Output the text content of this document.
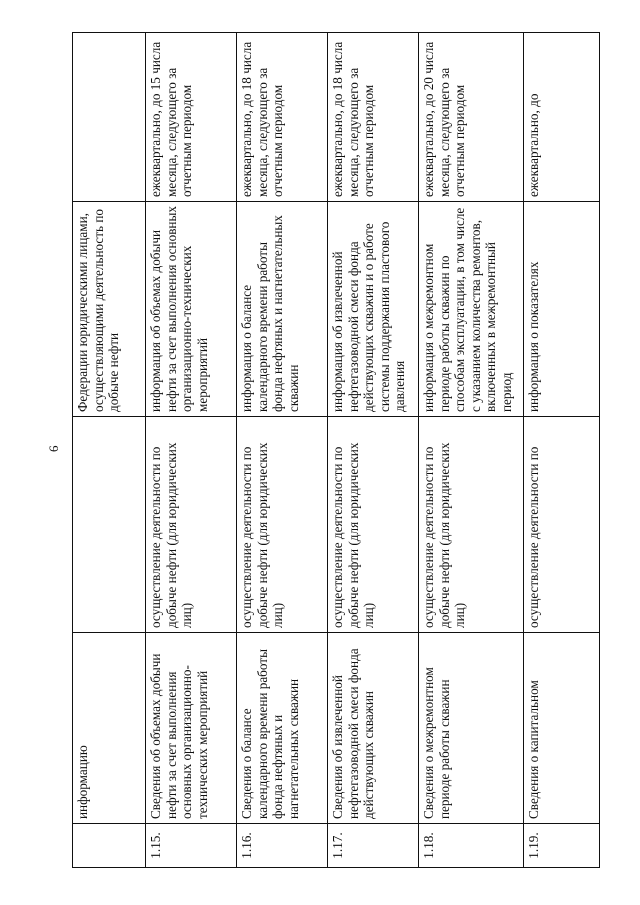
6
	информацию		Федерации юридическими лицами, осуществляющими деятельность по добыче нефти	
1.15.	Сведения об объемах добычи нефти за счет выполнения основных организационно-технических мероприятий	осуществление деятельности по добыче нефти (для юридических лиц)	информация об объемах добычи нефти за счет выполнения основных организационно-технических мероприятий	ежеквартально, до 15 числа месяца, следующего за отчетным периодом
1.16.	Сведения о балансе календарного времени работы фонда нефтяных и нагнетательных скважин	осуществление деятельности по добыче нефти (для юридических лиц)	информация о балансе календарного времени работы фонда нефтяных и нагнетательных скважин	ежеквартально, до 18 числа месяца, следующего за отчетным периодом
1.17.	Сведения об извлеченной нефтегазоводной смеси фонда действующих скважин	осуществление деятельности по добыче нефти (для юридических лиц)	информация об извлеченной нефтегазоводной смеси фонда действующих скважин и о работе системы поддержания пластового давления	ежеквартально, до 18 числа месяца, следующего за отчетным периодом
1.18.	Сведения о межремонтном периоде работы скважин	осуществление деятельности по добыче нефти (для юридических лиц)	информация о межремонтном периоде работы скважин по способам эксплуатации, в том числе с указанием количества ремонтов, включенных в межремонтный период	ежеквартально, до 20 числа месяца, следующего за отчетным периодом
1.19.	Сведения о капитальном	осуществление деятельности по	информация о показателях	ежеквартально, до
